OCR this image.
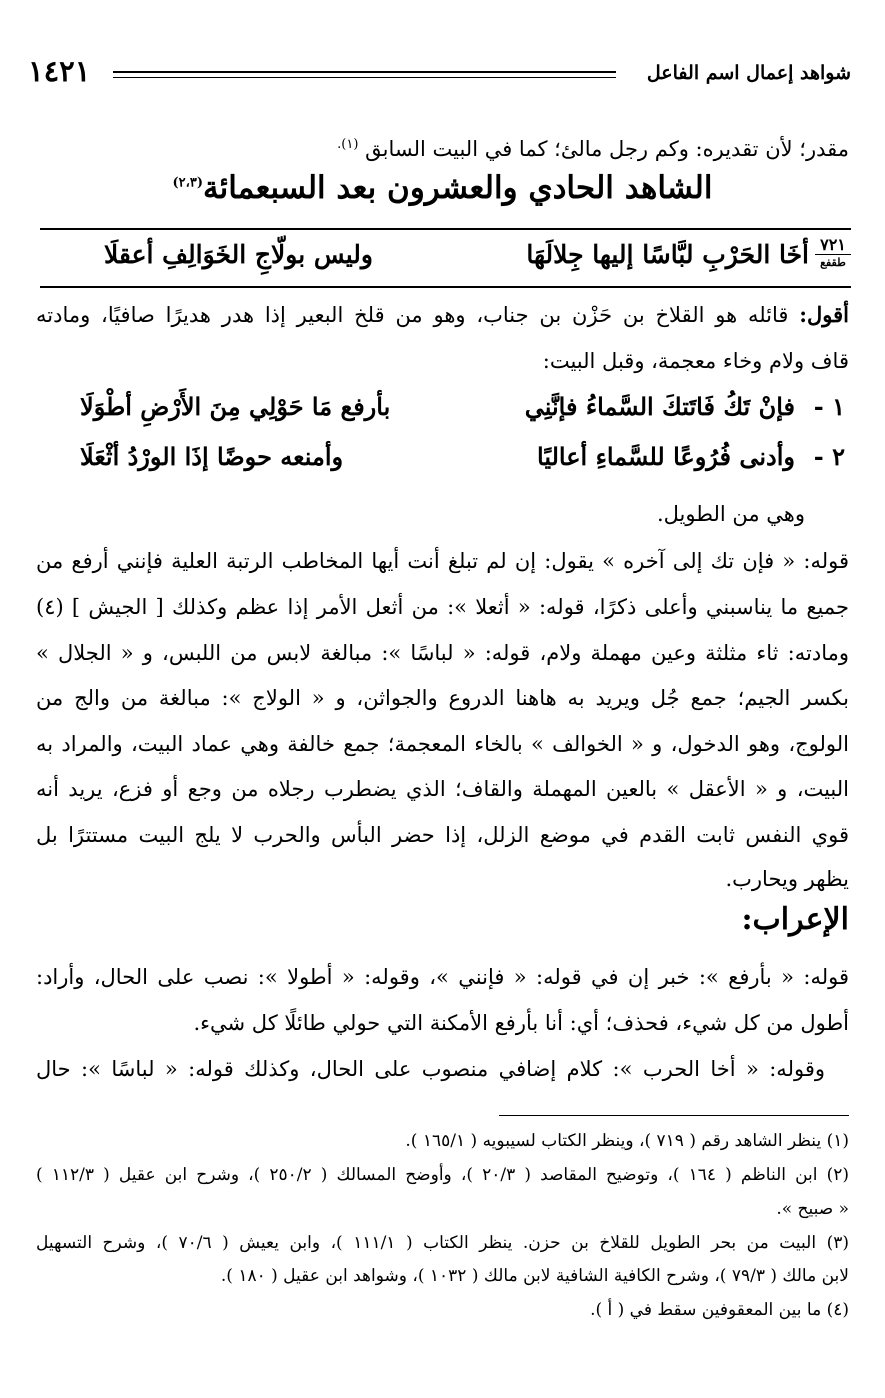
شواهد إعمال اسم الفاعل
١٤٢١
مقدر؛ لأن تقديره: وكم رجل مالئ؛ كما في البيت السابق $^{(١).}$
الشاهد الحادي والعشرون بعد السبعمائة$^{(٢،٣)}$
٧٢١
طقفع
أخَا الحَرْبِ لبَّاسًا إليها جِلالَهَا
وليس بولّاجِ الخَوَالِفِ أعقلَا
أقول: قائله هو القلاخ بن حَزْن بن جناب، وهو من قلخ البعير إذا هدر هديرًا صافيًا، ومادته
قاف ولام وخاء معجمة، وقبل البيت:
١ -
فإنْ تَكُ فَاتَتكَ السَّماءُ فإنَّنِي
بأرفع مَا حَوْلِي مِنَ الأَرْضِ أطْوَلَا
٢ -
وأدنى فُرُوعًا للسَّماءِ أعاليًا
وأمنعه حوضًا إذَا الورْدُ أثْعَلَا
وهي من الطويل.
قوله: « فإن تك إلى آخره » يقول: إن لم تبلغ أنت أيها المخاطب الرتبة العلية فإنني أرفع من
جميع ما يناسبني وأعلى ذكرًا، قوله: « أثعلا »: من أثعل الأمر إذا عظم وكذلك [ الجيش ] (٤)
ومادته: ثاء مثلثة وعين مهملة ولام، قوله: « لباسًا »: مبالغة لابس من اللبس، و « الجلال »
بكسر الجيم؛ جمع جُل ويريد به هاهنا الدروع والجواثن، و « الولاج »: مبالغة من والج من
الولوج، وهو الدخول، و « الخوالف » بالخاء المعجمة؛ جمع خالفة وهي عماد البيت، والمراد به
البيت، و « الأعقل » بالعين المهملة والقاف؛ الذي يضطرب رجلاه من وجع أو فزع، يريد أنه
قوي النفس ثابت القدم في موضع الزلل، إذا حضر البأس والحرب لا يلج البيت مستترًا بل
يظهر ويحارب.
الإعراب:
قوله: « بأرفع »: خبر إن في قوله: « فإنني »، وقوله: « أطولا »: نصب على الحال، وأراد:
أطول من كل شيء، فحذف؛ أي: أنا بأرفع الأمكنة التي حولي طائلًا كل شيء.
وقوله: « أخا الحرب »: كلام إضافي منصوب على الحال، وكذلك قوله: « لباسًا »: حال
(١) ينظر الشاهد رقم ( ٧١٩ )، وينظر الكتاب لسيبويه ( ١٦٥/١ ).
(٢) ابن الناظم ( ١٦٤ )، وتوضيح المقاصد ( ٢٠/٣ )، وأوضح المسالك ( ٢٥٠/٢ )، وشرح ابن عقيل ( ١١٢/٣ )
« صبيح ».
(٣) البيت من بحر الطويل للقلاخ بن حزن. ينظر الكتاب ( ١١١/١ )، وابن يعيش ( ٧٠/٦ )، وشرح التسهيل
لابن مالك ( ٧٩/٣ )، وشرح الكافية الشافية لابن مالك ( ١٠٣٢ )، وشواهد ابن عقيل ( ١٨٠ ).
(٤) ما بين المعقوفين سقط في ( أ ).
